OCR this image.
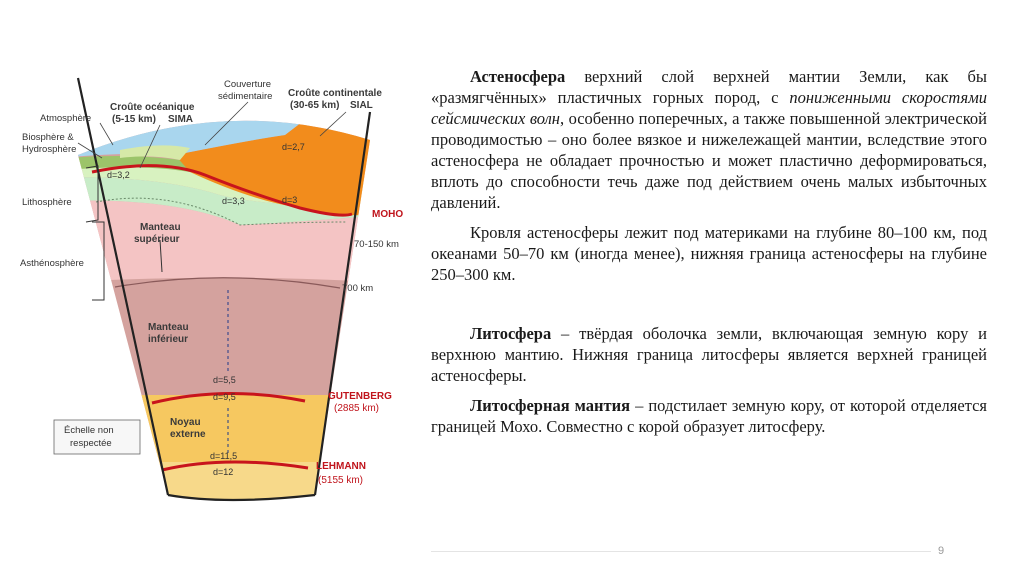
Atmosphère
Biosphère &
Hydrosphère
Lithosphère
Asthénosphère
Croûte océanique
(5-15 km) SIMA
Couverture
sédimentaire Croûte continentale
(30-65 km) SIAL
d=2,7
d=3
d=3,2
d=3,3
d=5,5
d=9,5
d=11,5
d=12
Manteau
supérieur
Manteau
inférieur
Noyau
externe
MOHO
70-150 km
700 km
GUTENBERG
(2885 km)
LEHMANN
(5155 km)
Échelle non
respectée

Астеносфера верхний слой верхней мантии Земли, как бы «размягчённых» пластичных горных пород, с пониженными скоростями сейсмических волн, особенно поперечных, а также повышенной электрической проводимостью – оно более вязкое и нижележащей мантии, вследствие этого астеносфера не обладает прочностью и может пластично деформироваться, вплоть до способности течь даже под действием очень малых избыточных давлений.

Кровля астеносферы лежит под материками на глубине 80–100 км, под океанами 50–70 км (иногда менее), нижняя граница астеносферы на глубине 250–300 км.

Литосфера – твёрдая оболочка земли, включающая земную кору и верхнюю мантию. Нижняя граница литосферы является верхней границей астеносферы.

Литосферная мантия – подстилает земную кору, от которой отделяется границей Мохо. Совместно с корой образует литосферу.

9
